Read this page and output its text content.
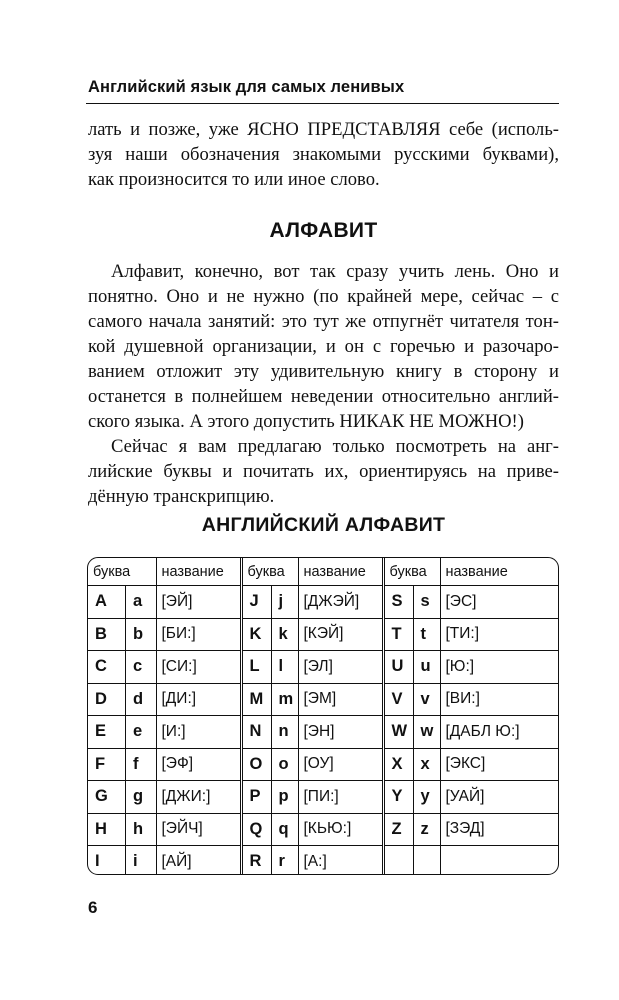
Английский язык для самых ленивых
лать и позже, уже ЯСНО ПРЕДСТАВЛЯЯ себе (исполь-
зуя наши обозначения знакомыми русскими буквами),
как произносится то или иное слово.
АЛФАВИТ
Алфавит, конечно, вот так сразу учить лень. Оно и
понятно. Оно и не нужно (по крайней мере, сейчас – с
самого начала занятий: это тут же отпугнёт читателя тон-
кой душевной организации, и он с горечью и разочаро-
ванием отложит эту удивительную книгу в сторону и
останется в полнейшем неведении относительно англий-
ского языка. А этого допустить НИКАК НЕ МОЖНО!)
Сейчас я вам предлагаю только посмотреть на анг-
лийские буквы и почитать их, ориентируясь на приве-
дённую транскрипцию.
АНГЛИЙСКИЙ АЛФАВИТ
буква	название	буква		название	буква		название

A a	[ЭЙ]	J	j	[ДЖЭЙ]	S	s	[ЭС]

B b	[БИ:]	K	k	[КЭЙ]	T	t	[ТИ:]

C c	[СИ:]	L	l	[ЭЛ]	U	u	[Ю:]

D d	[ДИ:]	M	m	[ЭМ]	V	v	[ВИ:]

E e	[И:]	N	n	[ЭН]	W	w	[ДАБЛ Ю:]

F f	[ЭФ]	O	o	[ОУ]	X	x	[ЭКС]

G g	[ДЖИ:]	P	p	[ПИ:]	Y	y	[УАЙ]

H h	[ЭЙЧ]	Q	q	[КЬЮ:]	Z	z	[ЗЭД]

I i	[АЙ]	R	r	[А:]			
6
